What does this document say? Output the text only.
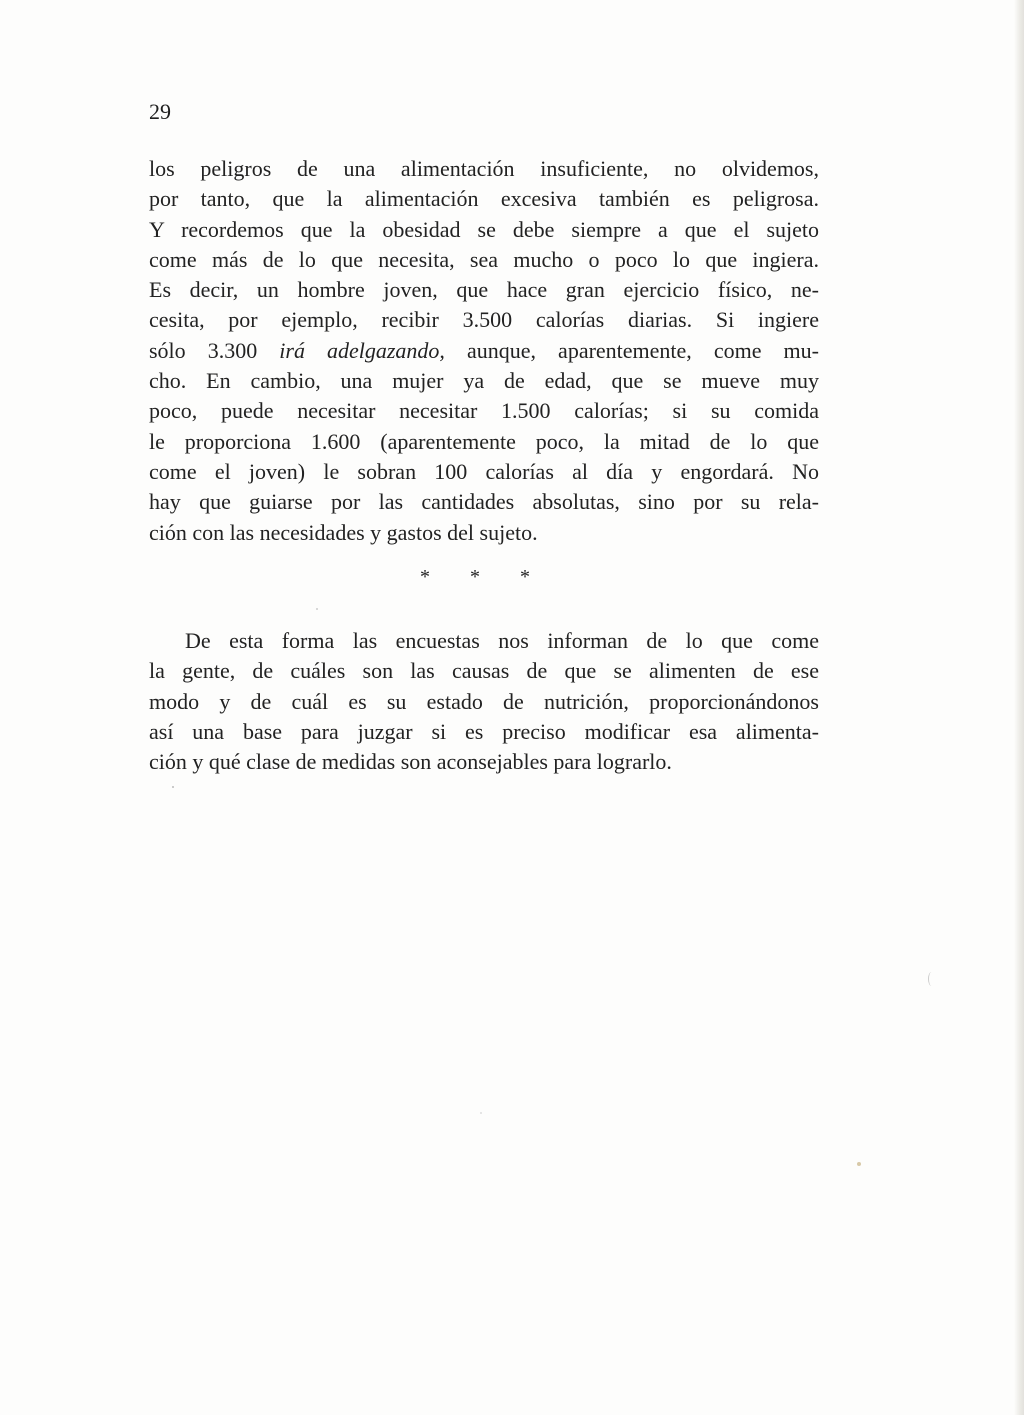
29
los peligros de una alimentación insuficiente, no olvidemos,
por tanto, que la alimentación excesiva también es peligrosa.
Y recordemos que la obesidad se debe siempre a que el sujeto
come más de lo que necesita, sea mucho o poco lo que ingiera.
Es decir, un hombre joven, que hace gran ejercicio físico, ne-
cesita, por ejemplo, recibir 3.500 calorías diarias. Si ingiere
sólo 3.300 irá adelgazando, aunque, aparentemente, come mu-
cho. En cambio, una mujer ya de edad, que se mueve muy
poco, puede necesitar necesitar 1.500 calorías; si su comida
le proporciona 1.600 (aparentemente poco, la mitad de lo que
come el joven) le sobran 100 calorías al día y engordará. No
hay que guiarse por las cantidades absolutas, sino por su rela-
ción con las necesidades y gastos del sujeto.
* * *
De esta forma las encuestas nos informan de lo que come
la gente, de cuáles son las causas de que se alimenten de ese
modo y de cuál es su estado de nutrición, proporcionándonos
así una base para juzgar si es preciso modificar esa alimenta-
ción y qué clase de medidas son aconsejables para lograrlo.
